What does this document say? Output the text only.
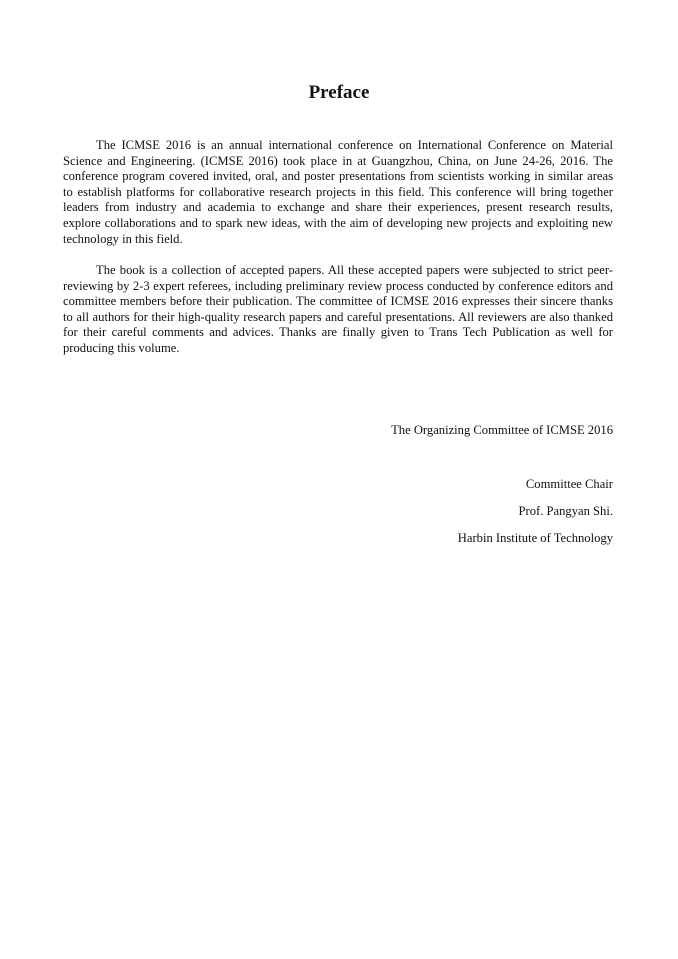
Preface

The ICMSE 2016 is an annual international conference on International Conference on Material Science and Engineering. (ICMSE 2016) took place in at Guangzhou, China, on June 24-26, 2016. The conference program covered invited, oral, and poster presentations from scientists working in similar areas to establish platforms for collaborative research projects in this field. This conference will bring together leaders from industry and academia to exchange and share their experiences, present research results, explore collaborations and to spark new ideas, with the aim of developing new projects and exploiting new technology in this field.

The book is a collection of accepted papers. All these accepted papers were subjected to strict peer-reviewing by 2-3 expert referees, including preliminary review process conducted by conference editors and committee members before their publication. The committee of ICMSE 2016 expresses their sincere thanks to all authors for their high-quality research papers and careful presentations. All reviewers are also thanked for their careful comments and advices. Thanks are finally given to Trans Tech Publication as well for producing this volume.

The Organizing Committee of ICMSE 2016

Committee Chair

Prof. Pangyan Shi.

Harbin Institute of Technology
